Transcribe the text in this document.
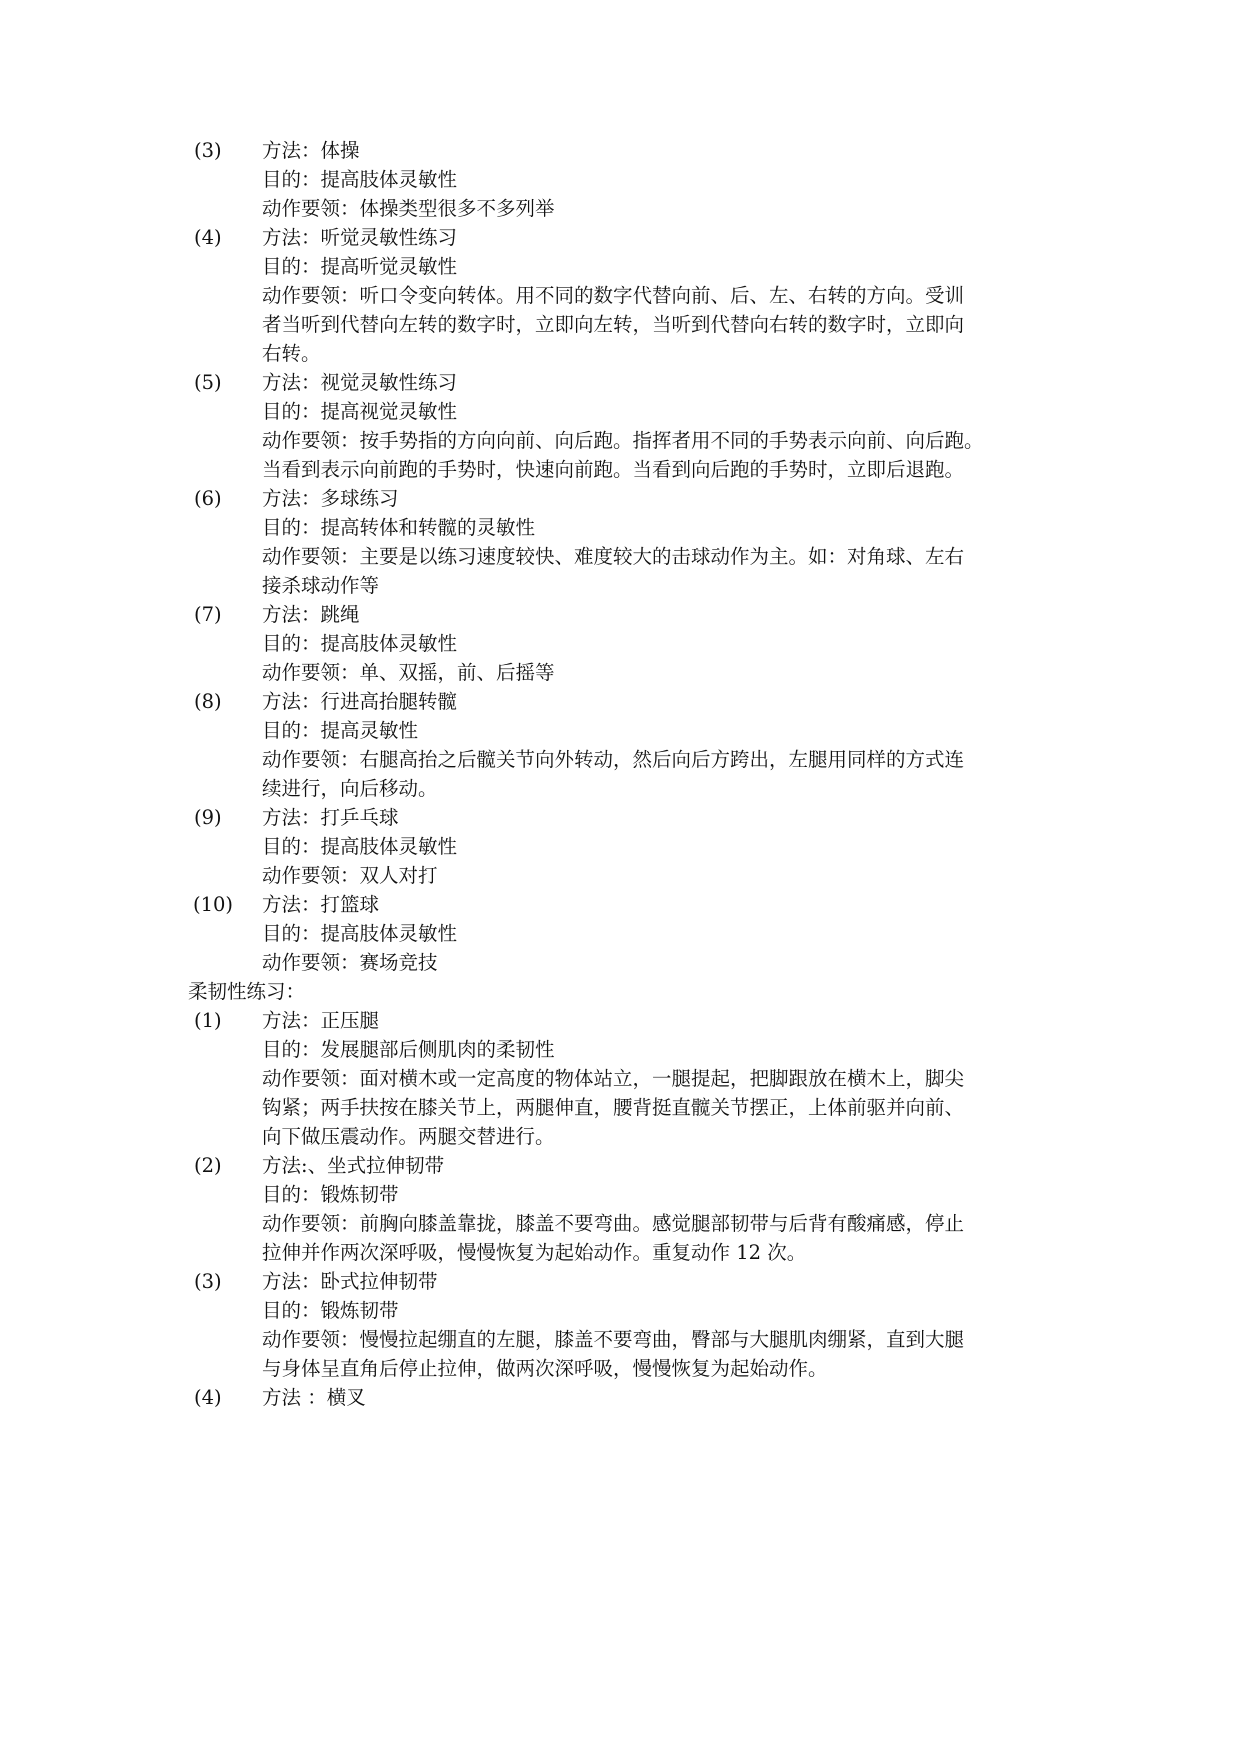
(3) 方法：体操
目的：提高肢体灵敏性
动作要领：体操类型很多不多列举
(4) 方法：听觉灵敏性练习
目的：提高听觉灵敏性
动作要领：听口令变向转体。用不同的数字代替向前、后、左、右转的方向。受训
者当听到代替向左转的数字时，立即向左转，当听到代替向右转的数字时，立即向
右转。
(5) 方法：视觉灵敏性练习
目的：提高视觉灵敏性
动作要领：按手势指的方向向前、向后跑。指挥者用不同的手势表示向前、向后跑。
当看到表示向前跑的手势时，快速向前跑。当看到向后跑的手势时，立即后退跑。
(6) 方法：多球练习
目的：提高转体和转髋的灵敏性
动作要领：主要是以练习速度较快、难度较大的击球动作为主。如：对角球、左右
接杀球动作等
(7) 方法：跳绳
目的：提高肢体灵敏性
动作要领：单、双摇，前、后摇等
(8) 方法：行进高抬腿转髋
目的：提高灵敏性
动作要领：右腿高抬之后髋关节向外转动，然后向后方跨出，左腿用同样的方式连
续进行，向后移动。
(9) 方法：打乒乓球
目的：提高肢体灵敏性
动作要领：双人对打
(10) 方法：打篮球
目的：提高肢体灵敏性
动作要领：赛场竞技
柔韧性练习：
(1) 方法：正压腿
目的：发展腿部后侧肌肉的柔韧性
动作要领：面对横木或一定高度的物体站立，一腿提起，把脚跟放在横木上，脚尖
钩紧；两手扶按在膝关节上，两腿伸直，腰背挺直髋关节摆正，上体前驱并向前、
向下做压震动作。两腿交替进行。
(2) 方法:、坐式拉伸韧带
目的：锻炼韧带
动作要领：前胸向膝盖靠拢，膝盖不要弯曲。感觉腿部韧带与后背有酸痛感，停止
拉伸并作两次深呼吸，慢慢恢复为起始动作。重复动作 12 次。
(3) 方法：卧式拉伸韧带
目的：锻炼韧带
动作要领：慢慢拉起绷直的左腿，膝盖不要弯曲，臀部与大腿肌肉绷紧，直到大腿
与身体呈直角后停止拉伸，做两次深呼吸，慢慢恢复为起始动作。
(4) 方法 ：横叉
